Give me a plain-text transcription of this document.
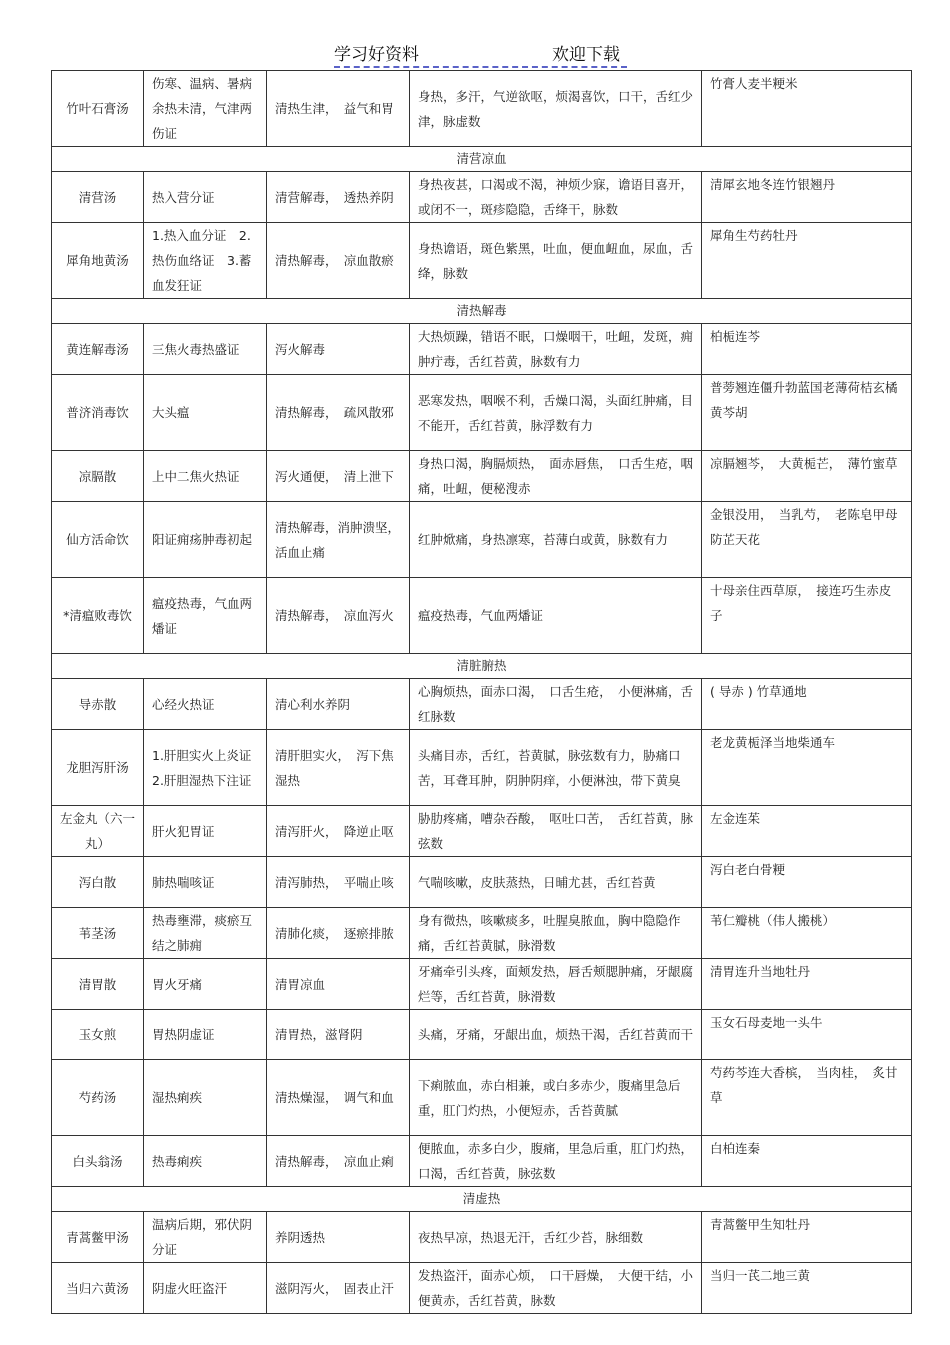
学习好资料	欢迎下载
竹叶石膏汤	伤寒、温病、暑病余热未清，气津两伤证	清热生津，　益气和胃	身热，多汗，气逆欲呕，烦渴喜饮，口干，舌红少津，脉虚数	竹膏人麦半粳米
清营凉血				
清营汤	热入营分证	清营解毒，　透热养阴	身热夜甚，口渴或不渴，神烦少寐，谵语目喜开，或闭不一，斑疹隐隐，舌绛干，脉数	清犀玄地冬连竹银翘丹
犀角地黄汤	1.热入血分证　2.热伤血络证　3.蓄血发狂证	清热解毒，　凉血散瘀	身热谵语，斑色紫黑，吐血，便血衄血，尿血，舌绛，脉数	犀角生芍药牡丹
清热解毒				
黄连解毒汤	三焦火毒热盛证	泻火解毒	大热烦躁，错语不眠，口燥咽干，吐衄，发斑，痈肿疔毒，舌红苔黄，脉数有力	柏栀连芩
普济消毒饮	大头瘟	清热解毒，　疏风散邪	恶寒发热，咽喉不利，舌燥口渴，头面红肿痛，目不能开，舌红苔黄，脉浮数有力	普蒡翘连僵升勃蓝国老薄荷桔玄橘黄芩胡
凉膈散	上中二焦火热证	泻火通便，　清上泄下	身热口渴，胸膈烦热，　面赤唇焦，　口舌生疮，咽痛，吐衄，便秘溲赤	凉膈翘芩，　大黄栀芒，　薄竹蜜草
仙方活命饮	阳证痈疡肿毒初起	清热解毒，消肿溃坚，活血止痛	红肿焮痛，身热凛寒，苔薄白或黄，脉数有力	金银没用，　当乳芍，　老陈皂甲母防芷天花
*清瘟败毒饮	瘟疫热毒，气血两燔证	清热解毒，　凉血泻火	瘟疫热毒，气血两燔证	十母亲住西草原，　接连巧生赤皮子
清脏腑热				
导赤散	心经火热证	清心利水养阴	心胸烦热，面赤口渴，　口舌生疮，　小便淋痛，舌红脉数	( 导赤 ) 竹草通地
龙胆泻肝汤	1.肝胆实火上炎证　2.肝胆湿热下注证	清肝胆实火，　泻下焦湿热	头痛目赤，舌红，苔黄腻，脉弦数有力，胁痛口苦，耳聋耳肿，阴肿阴痒，小便淋浊，带下黄臭	老龙黄栀泽当地柴通车
左金丸（六一丸）	肝火犯胃证	清泻肝火，　降逆止呕	胁肋疼痛，嘈杂吞酸，　呕吐口苦，　舌红苔黄，脉弦数	左金连茱
泻白散	肺热喘咳证	清泻肺热，　平喘止咳	气喘咳嗽，皮肤蒸热，日晡尤甚，舌红苔黄	泻白老白骨粳
苇茎汤	热毒壅滞，痰瘀互结之肺痈	清肺化痰，　逐瘀排脓	身有微热，咳嗽痰多，吐腥臭脓血，胸中隐隐作痛，舌红苔黄腻，脉滑数	苇仁瓣桃（伟人搬桃）
清胃散	胃火牙痛	清胃凉血	牙痛牵引头疼，面颊发热，唇舌颊腮肿痛，牙龈腐烂等，舌红苔黄，脉滑数	清胃连升当地牡丹
玉女煎	胃热阴虚证	清胃热，滋肾阴	头痛，牙痛，牙龈出血，烦热干渴，舌红苔黄而干	玉女石母麦地一头牛
芍药汤	湿热痢疾	清热燥湿，　调气和血	下痢脓血，赤白相兼，或白多赤少，腹痛里急后重，肛门灼热，小便短赤，舌苔黄腻	芍药芩连大香槟，　当肉桂，　炙甘草
白头翁汤	热毒痢疾	清热解毒，　凉血止痢	便脓血，赤多白少，腹痛，里急后重，肛门灼热，口渴，舌红苔黄，脉弦数	白柏连秦
清虚热				
青蒿鳖甲汤	温病后期，邪伏阴分证	养阴透热	夜热早凉，热退无汗，舌红少苔，脉细数	青蒿鳖甲生知牡丹
当归六黄汤	阴虚火旺盗汗	滋阴泻火，　固表止汗	发热盗汗，面赤心烦，　口干唇燥，　大便干结，小便黄赤，舌红苔黄，脉数	当归一芪二地三黄
